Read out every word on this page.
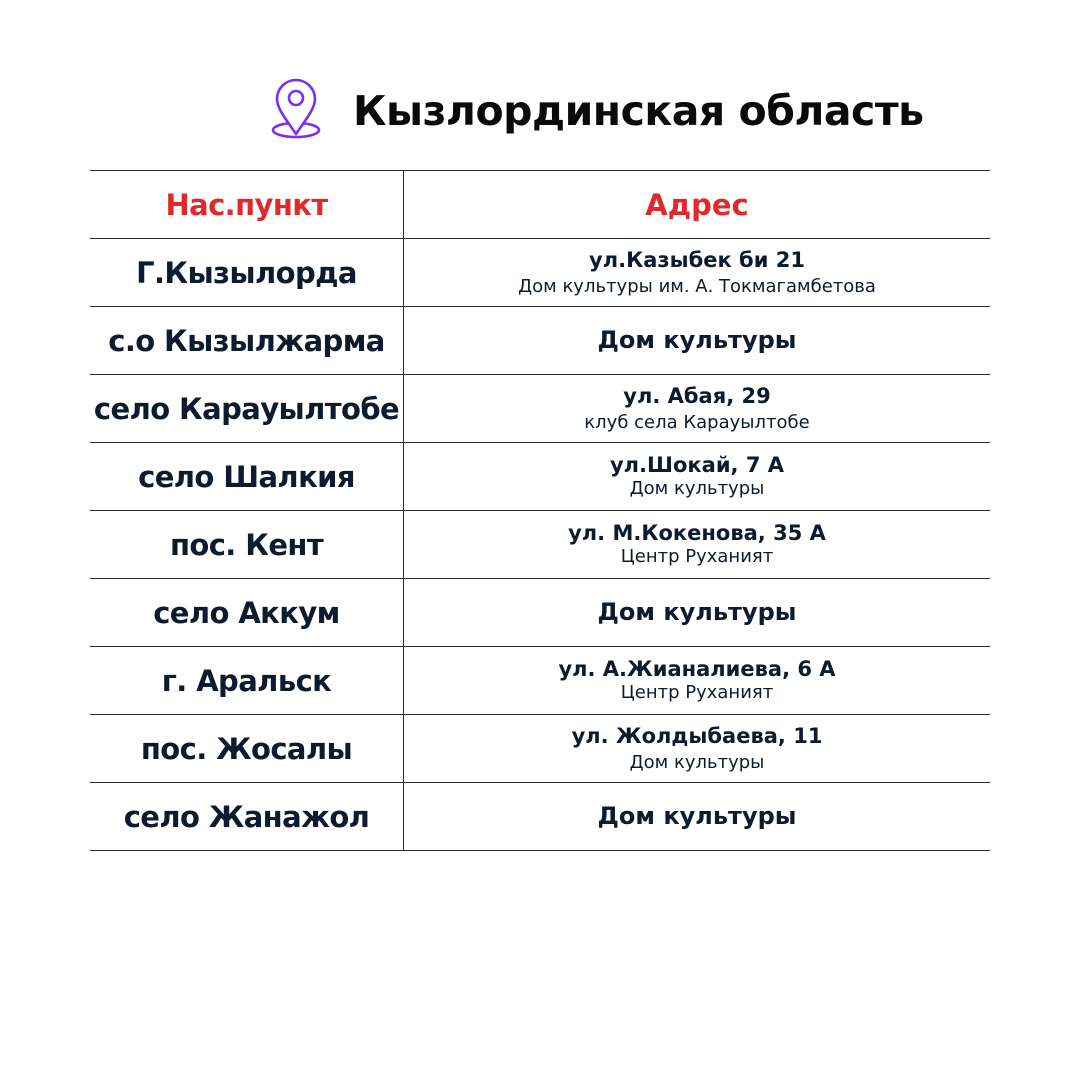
Кызлординская область
Нас.пункт	Адрес
Г.Кызылорда	ул.Казыбек би 21
Дом культуры им. А. Токмагамбетова
с.о Кызылжарма	Дом культуры
село Карауылтобе	ул. Абая, 29
клуб села Карауылтобе
село Шалкия	ул.Шокай, 7 А
Дом культуры
пос. Кент	ул. М.Кокенова, 35 А
Центр Руханият
село Аккум	Дом культуры
г. Аральск	ул. А.Жианалиева, 6 А
Центр Руханият
пос. Жосалы	ул. Жолдыбаева, 11
Дом культуры
село Жанажол	Дом культуры
